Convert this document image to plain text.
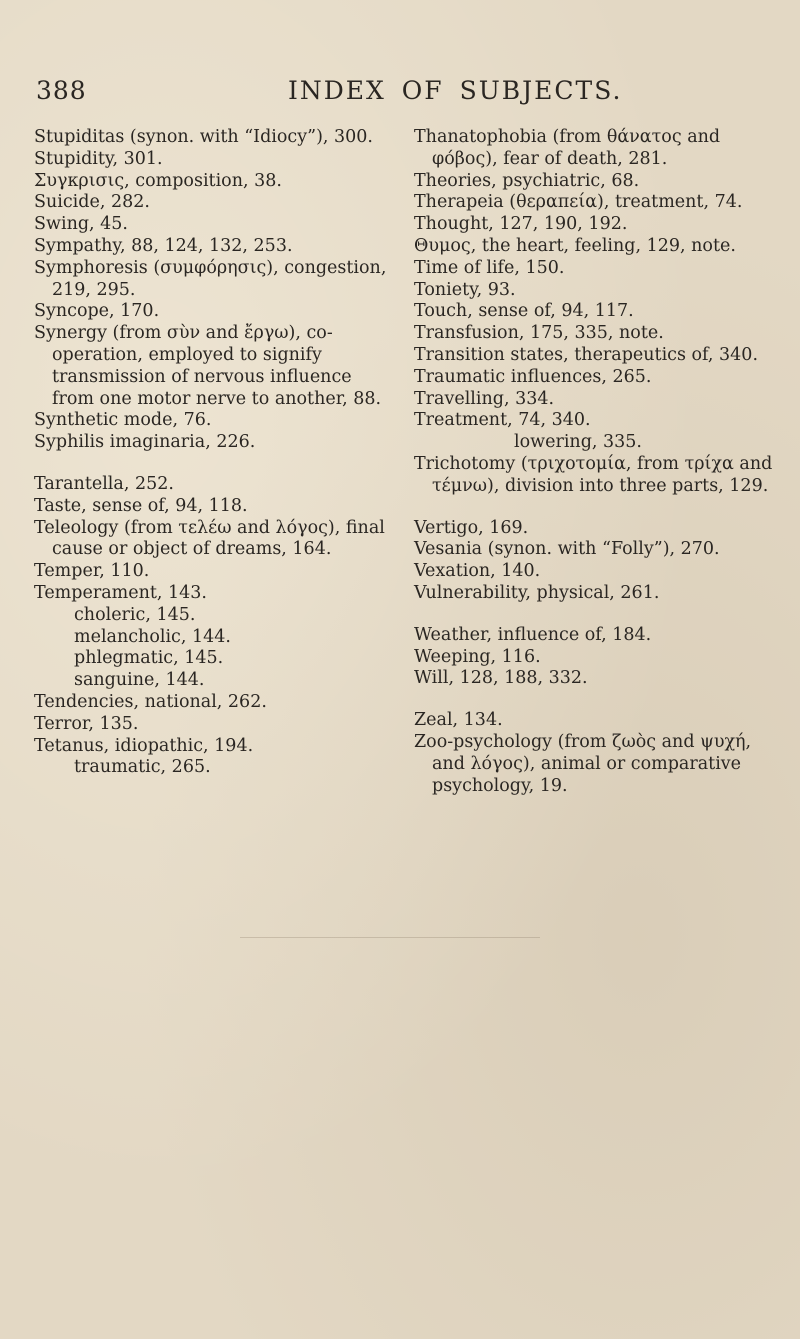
388	INDEX OF SUBJECTS.

Stupiditas (synon. with “Idiocy”), 300.

Stupidity, 301.

Συγκρισις, composition, 38.

Suicide, 282.

Swing, 45.

Sympathy, 88, 124, 132, 253.

Symphoresis (συμφόρησις), congestion, 219, 295.

Syncope, 170.

Synergy (from σὺν and ἔργω), co-operation, employed to signify transmission of nervous influence from one motor nerve to another, 88.

Synthetic mode, 76.

Syphilis imaginaria, 226.

Tarantella, 252.

Taste, sense of, 94, 118.

Teleology (from τελέω and λόγος), final cause or object of dreams, 164.

Temper, 110.

Temperament, 143.

choleric, 145.

melancholic, 144.

phlegmatic, 145.

sanguine, 144.

Tendencies, national, 262.

Terror, 135.

Tetanus, idiopathic, 194.

traumatic, 265.

Thanatophobia (from θάνατος and φόβος), fear of death, 281.

Theories, psychiatric, 68.

Therapeia (θεραπεία), treatment, 74.

Thought, 127, 190, 192.

Θυμος, the heart, feeling, 129, note.

Time of life, 150.

Toniety, 93.

Touch, sense of, 94, 117.

Transfusion, 175, 335, note.

Transition states, therapeutics of, 340.

Traumatic influences, 265.

Travelling, 334.

Treatment, 74, 340.

lowering, 335.

Trichotomy (τριχοτομία, from τρίχα and τέμνω), division into three parts, 129.

Vertigo, 169.

Vesania (synon. with “Folly”), 270.

Vexation, 140.

Vulnerability, physical, 261.

Weather, influence of, 184.

Weeping, 116.

Will, 128, 188, 332.

Zeal, 134.

Zoo-psychology (from ζωὸς and ψυχή, and λόγος), animal or comparative psychology, 19.
